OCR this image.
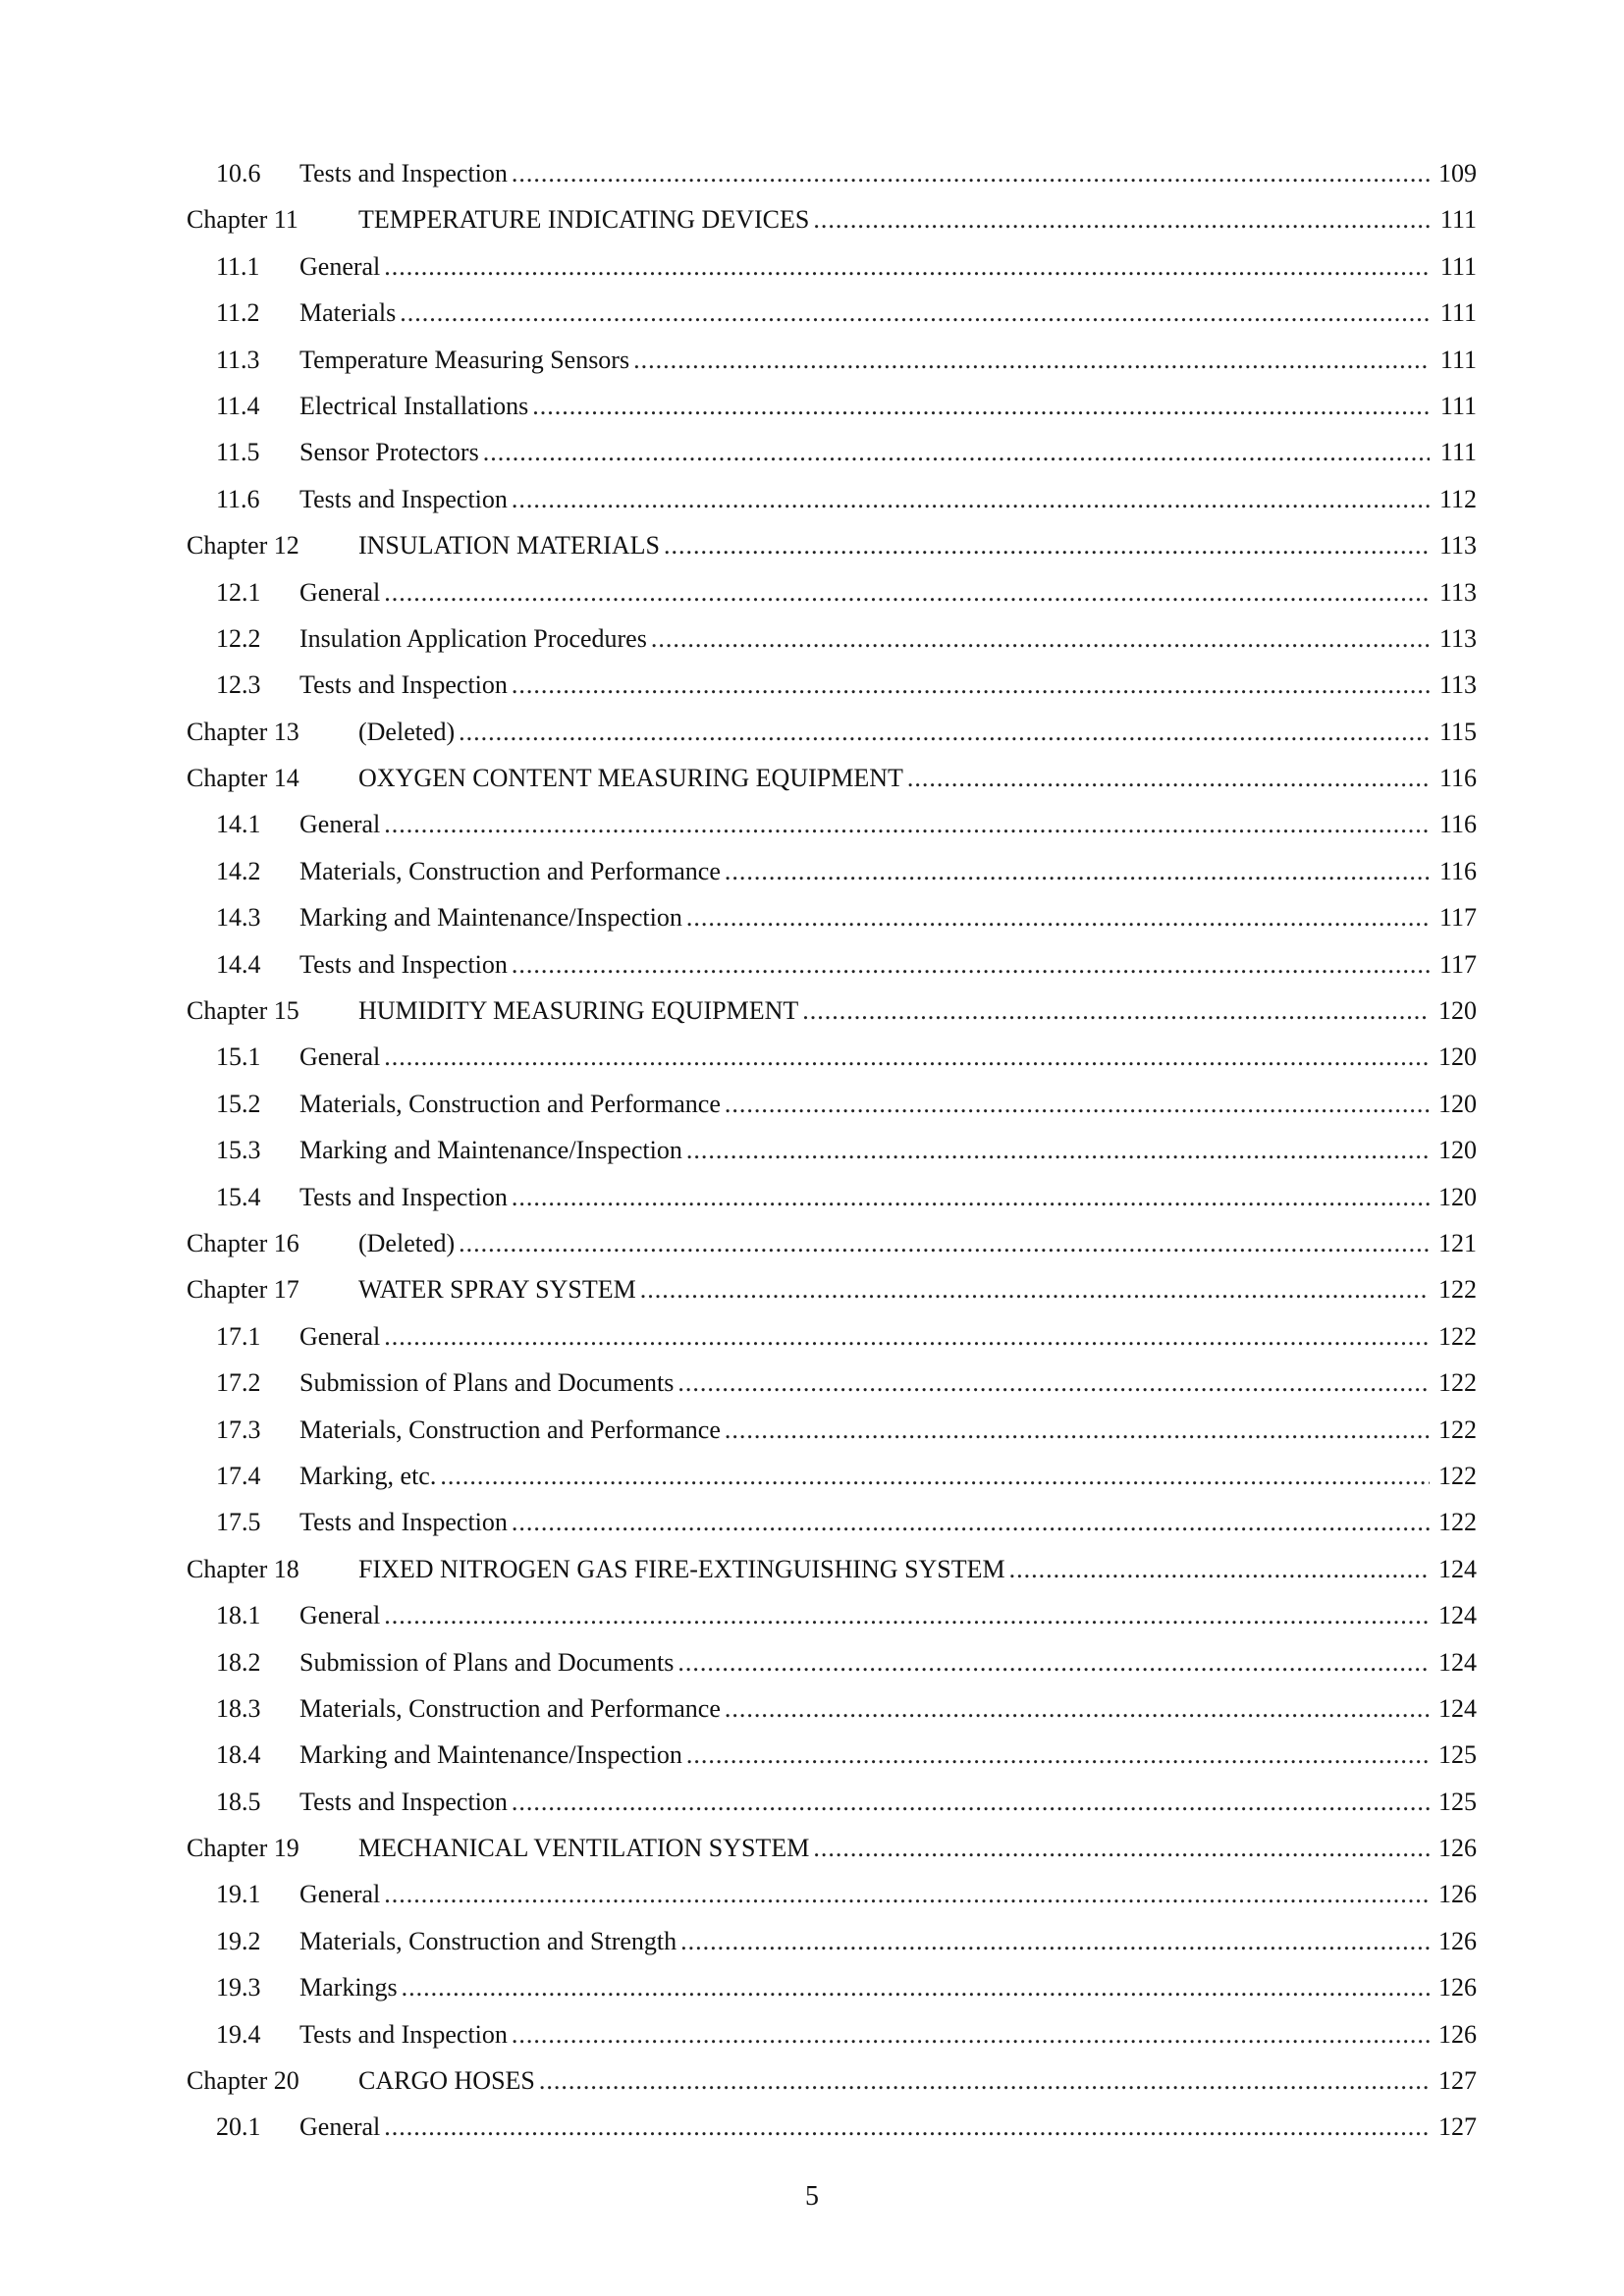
10.6	Tests and Inspection .....	109
Chapter 11	TEMPERATURE INDICATING DEVICES .....	111
11.1	General .....	111
11.2	Materials .....	111
11.3	Temperature Measuring Sensors .....	111
11.4	Electrical Installations .....	111
11.5	Sensor Protectors .....	111
11.6	Tests and Inspection .....	112
Chapter 12	INSULATION MATERIALS .....	113
12.1	General .....	113
12.2	Insulation Application Procedures .....	113
12.3	Tests and Inspection .....	113
Chapter 13	(Deleted) .....	115
Chapter 14	OXYGEN CONTENT MEASURING EQUIPMENT .....	116
14.1	General .....	116
14.2	Materials, Construction and Performance .....	116
14.3	Marking and Maintenance/Inspection .....	117
14.4	Tests and Inspection .....	117
Chapter 15	HUMIDITY MEASURING EQUIPMENT .....	120
15.1	General .....	120
15.2	Materials, Construction and Performance .....	120
15.3	Marking and Maintenance/Inspection .....	120
15.4	Tests and Inspection .....	120
Chapter 16	(Deleted) .....	121
Chapter 17	WATER SPRAY SYSTEM .....	122
17.1	General .....	122
17.2	Submission of Plans and Documents .....	122
17.3	Materials, Construction and Performance .....	122
17.4	Marking, etc. .....	122
17.5	Tests and Inspection .....	122
Chapter 18	FIXED NITROGEN GAS FIRE-EXTINGUISHING SYSTEM .....	124
18.1	General .....	124
18.2	Submission of Plans and Documents .....	124
18.3	Materials, Construction and Performance .....	124
18.4	Marking and Maintenance/Inspection .....	125
18.5	Tests and Inspection .....	125
Chapter 19	MECHANICAL VENTILATION SYSTEM .....	126
19.1	General .....	126
19.2	Materials, Construction and Strength .....	126
19.3	Markings .....	126
19.4	Tests and Inspection .....	126
Chapter 20	CARGO HOSES .....	127
20.1	General .....	127
5
